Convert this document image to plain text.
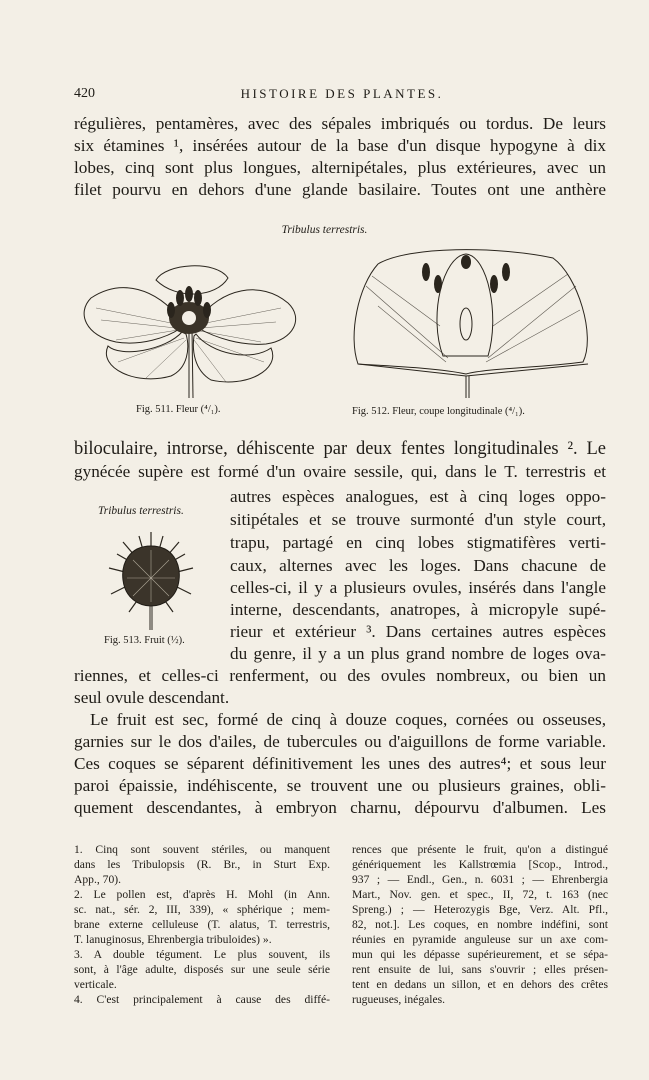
420	HISTOIRE DES PLANTES.
régulières, pentamères, avec des sépales imbriqués ou tordus. De leurs
six étamines ¹, insérées autour de la base d'un disque hypogyne à dix
lobes, cinq sont plus longues, alternipétales, plus extérieures, avec un
filet pourvu en dehors d'une glande basilaire. Toutes ont une anthère
Tribulus terrestris.
Fig. 511. Fleur (⁴/₁).	Fig. 512. Fleur, coupe longitudinale (⁴/₁).
biloculaire, introrse, déhiscente par deux fentes longitudinales ². Le
gynécée supère est formé d'un ovaire sessile, qui, dans le T. terrestris et
autres espèces analogues, est à cinq loges oppo-
sitipétales et se trouve surmonté d'un style court,
trapu, partagé en cinq lobes stigmatifères verti-
caux, alternes avec les loges. Dans chacune de
celles-ci, il y a plusieurs ovules, insérés dans l'angle
interne, descendants, anatropes, à micropyle supé-
rieur et extérieur ³. Dans certaines autres espèces
du genre, il y a un plus grand nombre de loges ova-
Tribulus terrestris.
Fig. 513. Fruit (½).
riennes, et celles-ci renferment, ou des ovules nombreux, ou bien un
seul ovule descendant.
Le fruit est sec, formé de cinq à douze coques, cornées ou osseuses,
garnies sur le dos d'ailes, de tubercules ou d'aiguillons de forme variable.
Ces coques se séparent définitivement les unes des autres⁴; et sous leur
paroi épaissie, indéhiscente, se trouvent une ou plusieurs graines, obli-
quement descendantes, à embryon charnu, dépourvu d'albumen. Les
1. Cinq sont souvent stériles, ou manquent
dans les Tribulopsis (R. Br., in Sturt Exp.
App., 70).
2. Le pollen est, d'après H. Mohl (in Ann.
sc. nat., sér. 2, III, 339), « sphérique ; mem-
brane externe celluleuse (T. alatus, T. terrestris,
T. lanuginosus, Ehrenbergia tribuloides) ».
3. A double tégument. Le plus souvent, ils
sont, à l'âge adulte, disposés sur une seule série
verticale.
4. C'est principalement à cause des diffé-
rences que présente le fruit, qu'on a distingué
génériquement les Kallstrœmia [Scop., Introd.,
937 ; — Endl., Gen., n. 6031 ; — Ehrenbergia
Mart., Nov. gen. et spec., II, 72, t. 163 (nec
Spreng.) ; — Heterozygis Bge, Verz. Alt. Pfl.,
82, not.]. Les coques, en nombre indéfini, sont
réunies en pyramide anguleuse sur un axe com-
mun qui les dépasse supérieurement, et se sépa-
rent ensuite de lui, sans s'ouvrir ; elles présen-
tent en dedans un sillon, et en dehors des crêtes
rugueuses, inégales.
